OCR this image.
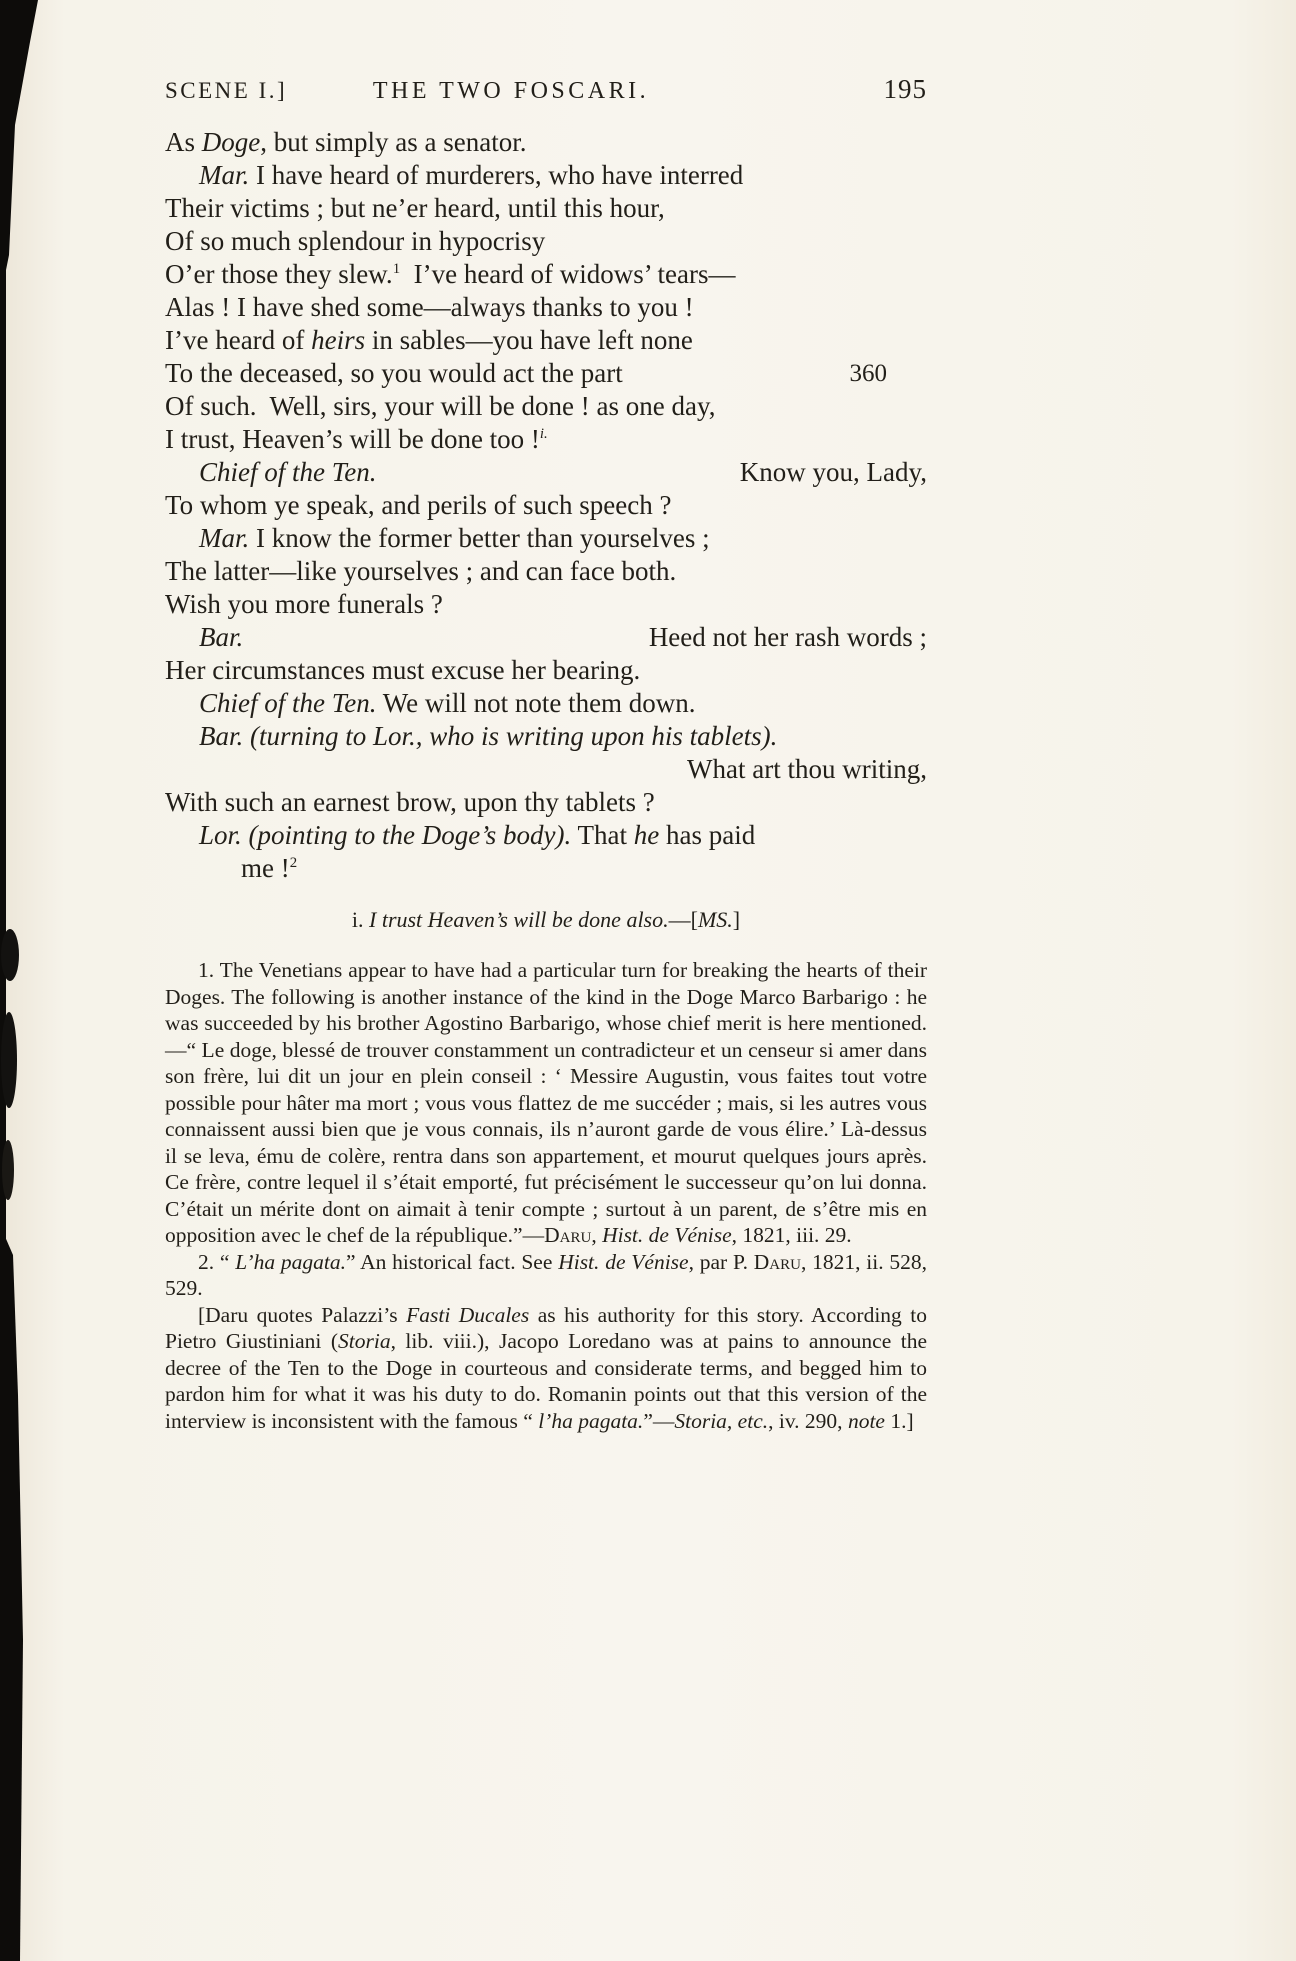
SCENE I.]	THE TWO FOSCARI.	195
As Doge, but simply as a senator.
Mar. I have heard of murderers, who have interred
Their victims ; but ne’er heard, until this hour,
Of so much splendour in hypocrisy
O’er those they slew.$^1$  I’ve heard of widows’ tears—
Alas ! I have shed some—always thanks to you !
I’ve heard of heirs in sables—you have left none
To the deceased, so you would act the part	360
Of such.  Well, sirs, your will be done ! as one day,
I trust, Heaven’s will be done too !$^{i.}$
Chief of the Ten.	Know you, Lady,
To whom ye speak, and perils of such speech ?
Mar. I know the former better than yourselves ;
The latter—like yourselves ; and can face both.
Wish you more funerals ?
Bar.	Heed not her rash words ;
Her circumstances must excuse her bearing.
Chief of the Ten. We will not note them down.
Bar. (turning to Lor., who is writing upon his tablets).
What art thou writing,
With such an earnest brow, upon thy tablets ?
Lor. (pointing to the Doge’s body). That he has paid
me !$^2$
i. I trust Heaven’s will be done also.—[MS.]

1. The Venetians appear to have had a particular turn for breaking the hearts of their Doges. The following is another instance of the kind in the Doge Marco Barbarigo : he was succeeded by his brother Agostino Barbarigo, whose chief merit is here mentioned.—“ Le doge, blessé de trouver constamment un contradicteur et un censeur si amer dans son frère, lui dit un jour en plein conseil : ‘ Messire Augustin, vous faites tout votre possible pour hâter ma mort ; vous vous flattez de me succéder ; mais, si les autres vous connaissent aussi bien que je vous connais, ils n’auront garde de vous élire.’ Là-dessus il se leva, ému de colère, rentra dans son appartement, et mourut quelques jours après. Ce frère, contre lequel il s’était emporté, fut précisément le successeur qu’on lui donna. C’était un mérite dont on aimait à tenir compte ; surtout à un parent, de s’être mis en opposition avec le chef de la république.”—Daru, Hist. de Vénise, 1821, iii. 29.

2. “ L’ha pagata.” An historical fact. See Hist. de Vénise, par P. Daru, 1821, ii. 528, 529.

[Daru quotes Palazzi’s Fasti Ducales as his authority for this story. According to Pietro Giustiniani (Storia, lib. viii.), Jacopo Loredano was at pains to announce the decree of the Ten to the Doge in courteous and considerate terms, and begged him to pardon him for what it was his duty to do. Romanin points out that this version of the interview is inconsistent with the famous “ l’ha pagata.”—Storia, etc., iv. 290, note 1.]
